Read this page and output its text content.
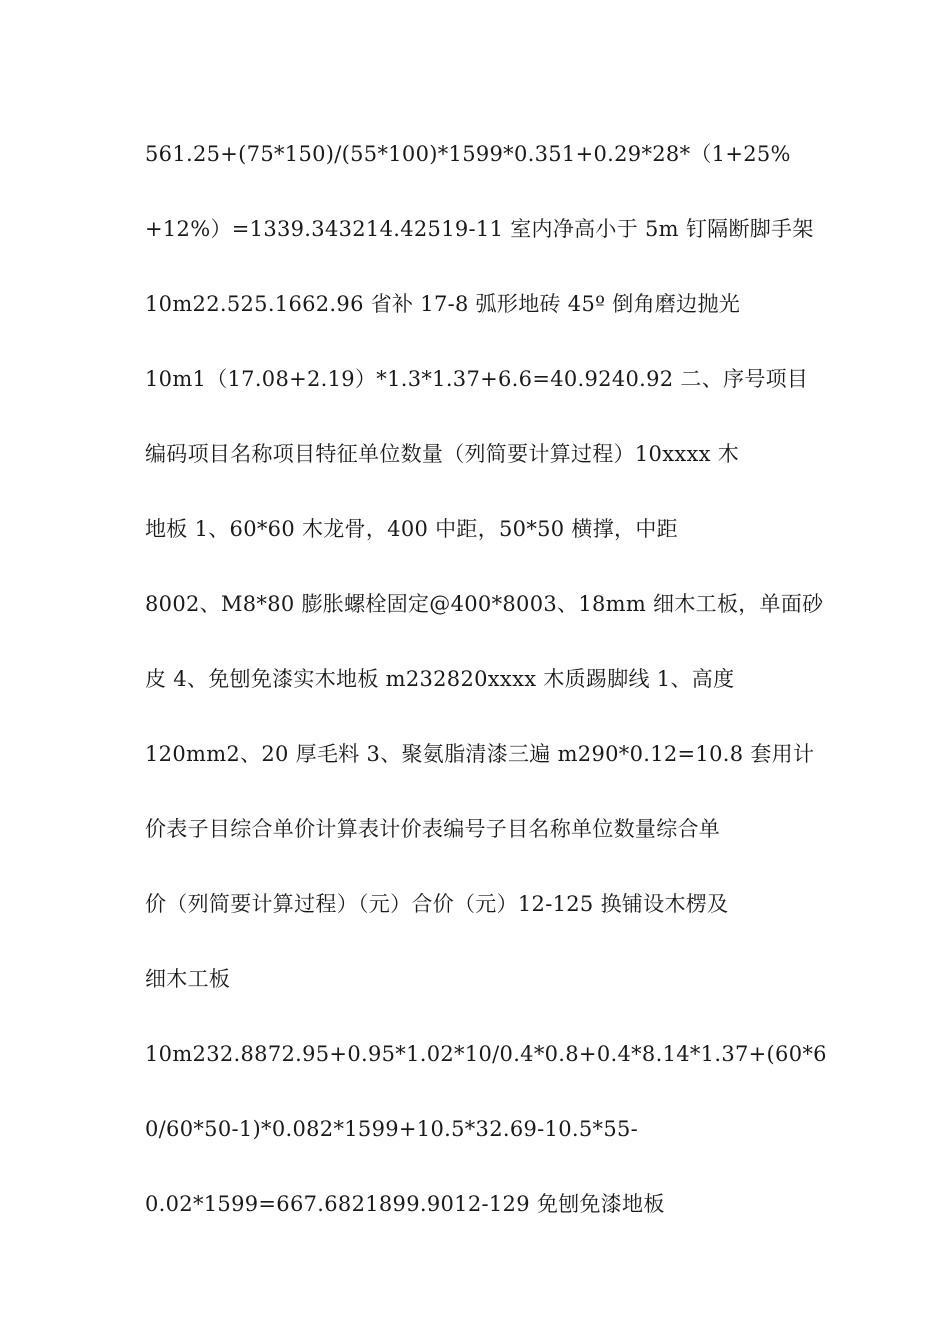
561.25+(75*150)/(55*100)*1599*0.351+0.29*28*（1+25%
+12%）=1339.343214.42519-11 室内净高小于 5m 钉隔断脚手架
10m22.525.1662.96 省补 17-8 弧形地砖 45º 倒角磨边抛光
10m1（17.08+2.19）*1.3*1.37+6.6=40.9240.92 二、序号项目
编码项目名称项目特征单位数量（列简要计算过程）10xxxx 木
地板 1、60*60 木龙骨，400 中距，50*50 横撑，中距
8002、M8*80 膨胀螺栓固定@400*8003、18mm 细木工板，单面砂
皮 4、免刨免漆实木地板 m232820xxxx 木质踢脚线 1、高度
120mm2、20 厚毛料 3、聚氨脂清漆三遍 m290*0.12=10.8 套用计
价表子目综合单价计算表计价表编号子目名称单位数量综合单
价（列简要计算过程）（元）合价（元）12-125 换铺设木楞及
细木工板
10m232.8872.95+0.95*1.02*10/0.4*0.8+0.4*8.14*1.37+(60*6
0/60*50-1)*0.082*1599+10.5*32.69-10.5*55-
0.02*1599=667.6821899.9012-129 免刨免漆地板
